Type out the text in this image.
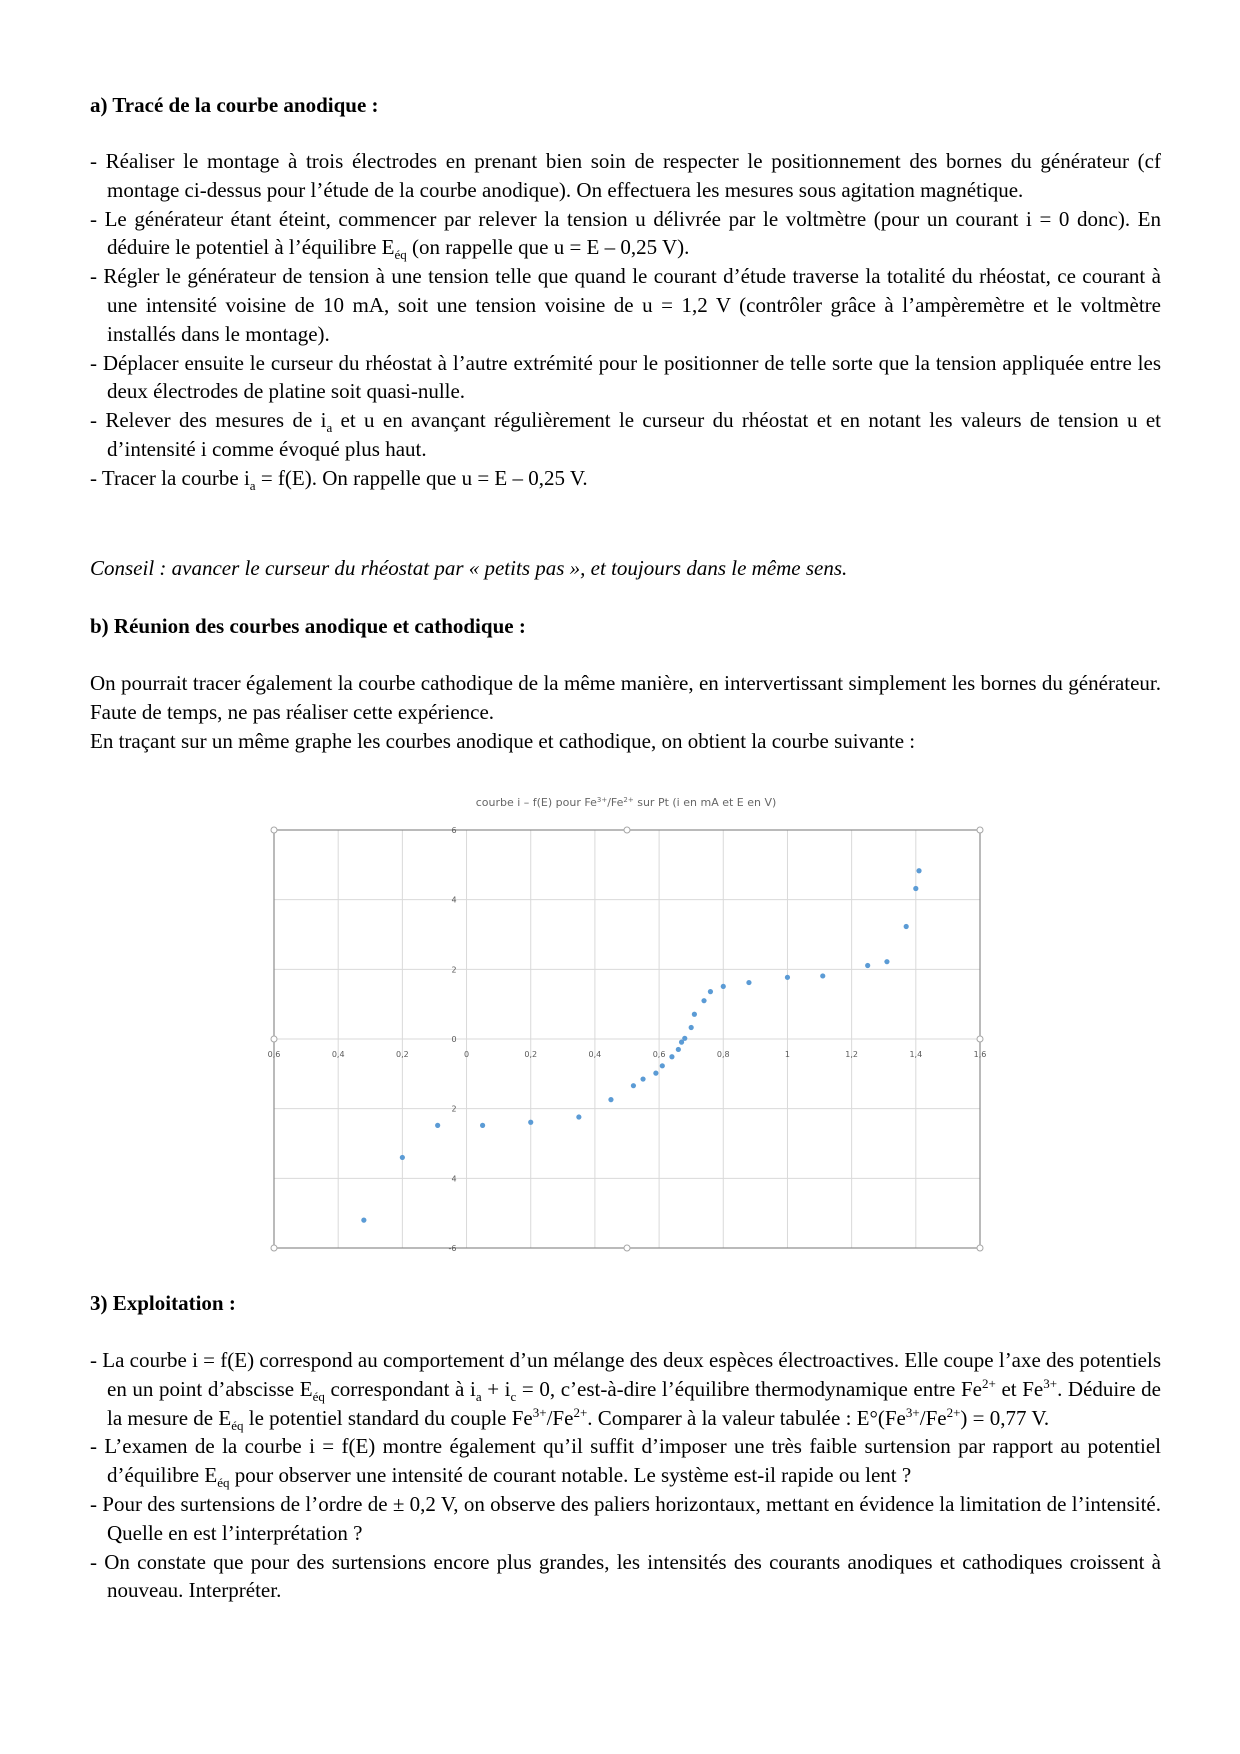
a) Tracé de la courbe anodique :
- Réaliser le montage à trois électrodes en prenant bien soin de respecter le positionnement des bornes du générateur (cf montage ci-dessus pour l’étude de la courbe anodique). On effectuera les mesures sous agitation magnétique.
- Le générateur étant éteint, commencer par relever la tension u délivrée par le voltmètre (pour un courant i = 0 donc). En déduire le potentiel à l’équilibre $E_{éq}$ (on rappelle que u = E – 0,25 V).
- Régler le générateur de tension à une tension telle que quand le courant d’étude traverse la totalité du rhéostat, ce courant à une intensité voisine de 10 mA, soit une tension voisine de u = 1,2 V (contrôler grâce à l’ampèremètre et le voltmètre installés dans le montage).
- Déplacer ensuite le curseur du rhéostat à l’autre extrémité pour le positionner de telle sorte que la tension appliquée entre les deux électrodes de platine soit quasi-nulle.
- Relever des mesures de $i_a$ et u en avançant régulièrement le curseur du rhéostat et en notant les valeurs de tension u et d’intensité i comme évoqué plus haut.
- Tracer la courbe $i_a = f(E)$. On rappelle que u = E – 0,25 V.
Conseil : avancer le curseur du rhéostat par « petits pas », et toujours dans le même sens.
b) Réunion des courbes anodique et cathodique :
On pourrait tracer également la courbe cathodique de la même manière, en intervertissant simplement les bornes du générateur. Faute de temps, ne pas réaliser cette expérience.
En traçant sur un même graphe les courbes anodique et cathodique, on obtient la courbe suivante :
courbe i – f(E) pour $Fe^{3+}/Fe^{2+}$ sur Pt (i en mA et E en V)
0,6	0,4	0,2	0	0,2	0,4	0,6	0,8	1	1,2	1,4	1,6
6
4
2
0
2
4
-6
3) Exploitation :
- La courbe i = f(E) correspond au comportement d’un mélange des deux espèces électroactives. Elle coupe l’axe des potentiels en un point d’abscisse $E_{éq}$ correspondant à $i_a + i_c = 0$, c’est-à-dire l’équilibre thermodynamique entre $Fe^{2+}$ et $Fe^{3+}$. Déduire de la mesure de $E_{éq}$ le potentiel standard du couple $Fe^{3+}/Fe^{2+}$. Comparer à la valeur tabulée : $E^\circ(Fe^{3+}/Fe^{2+}) = 0,77$ V.
- L’examen de la courbe i = f(E) montre également qu’il suffit d’imposer une très faible surtension par rapport au potentiel d’équilibre $E_{éq}$ pour observer une intensité de courant notable. Le système est-il rapide ou lent ?
- Pour des surtensions de l’ordre de ± 0,2 V, on observe des paliers horizontaux, mettant en évidence la limitation de l’intensité. Quelle en est l’interprétation ?
- On constate que pour des surtensions encore plus grandes, les intensités des courants anodiques et cathodiques croissent à nouveau. Interpréter.
